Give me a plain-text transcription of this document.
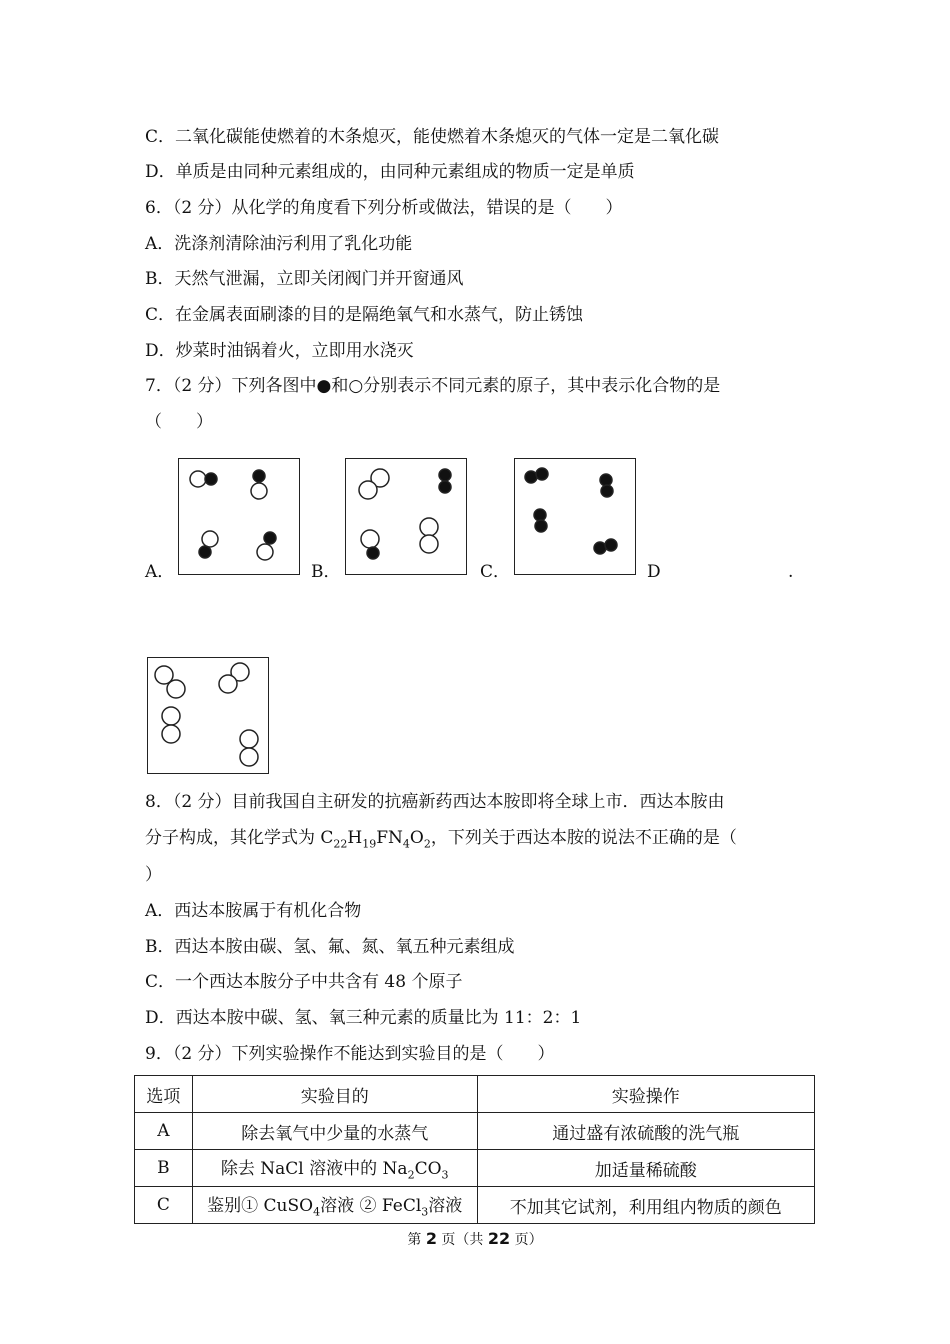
C．二氧化碳能使燃着的木条熄灭，能使燃着木条熄灭的气体一定是二氧化碳
D．单质是由同种元素组成的，由同种元素组成的物质一定是单质
6．（2 分）从化学的角度看下列分析或做法，错误的是（　　）
A．洗涤剂清除油污利用了乳化功能
B．天然气泄漏，立即关闭阀门并开窗通风
C．在金属表面刷漆的目的是隔绝氧气和水蒸气，防止锈蚀
D．炒菜时油锅着火，立即用水浇灭
7．（2 分）下列各图中●和○分别表示不同元素的原子，其中表示化合物的是
（　　）
A．	B．	C．	D	.
8．（2 分）目前我国自主研发的抗癌新药西达本胺即将全球上市．西达本胺由
分子构成，其化学式为 $C_{22}H_{19}FN_4O_2$，下列关于西达本胺的说法不正确的是（
）
A．西达本胺属于有机化合物
B．西达本胺由碳、氢、氟、氮、氧五种元素组成
C．一个西达本胺分子中共含有 48 个原子
D．西达本胺中碳、氢、氧三种元素的质量比为 11：2：1
9．（2 分）下列实验操作不能达到实验目的是（　　）
选项	实验目的	实验操作
A	除去氧气中少量的水蒸气	通过盛有浓硫酸的洗气瓶
B	除去 NaCl 溶液中的 $Na_2CO_3$	加适量稀硫酸
C	鉴别① CuSO$_4$溶液 ② FeCl$_3$溶液	不加其它试剂，利用组内物质的颜色
第 2 页（共 22 页）
